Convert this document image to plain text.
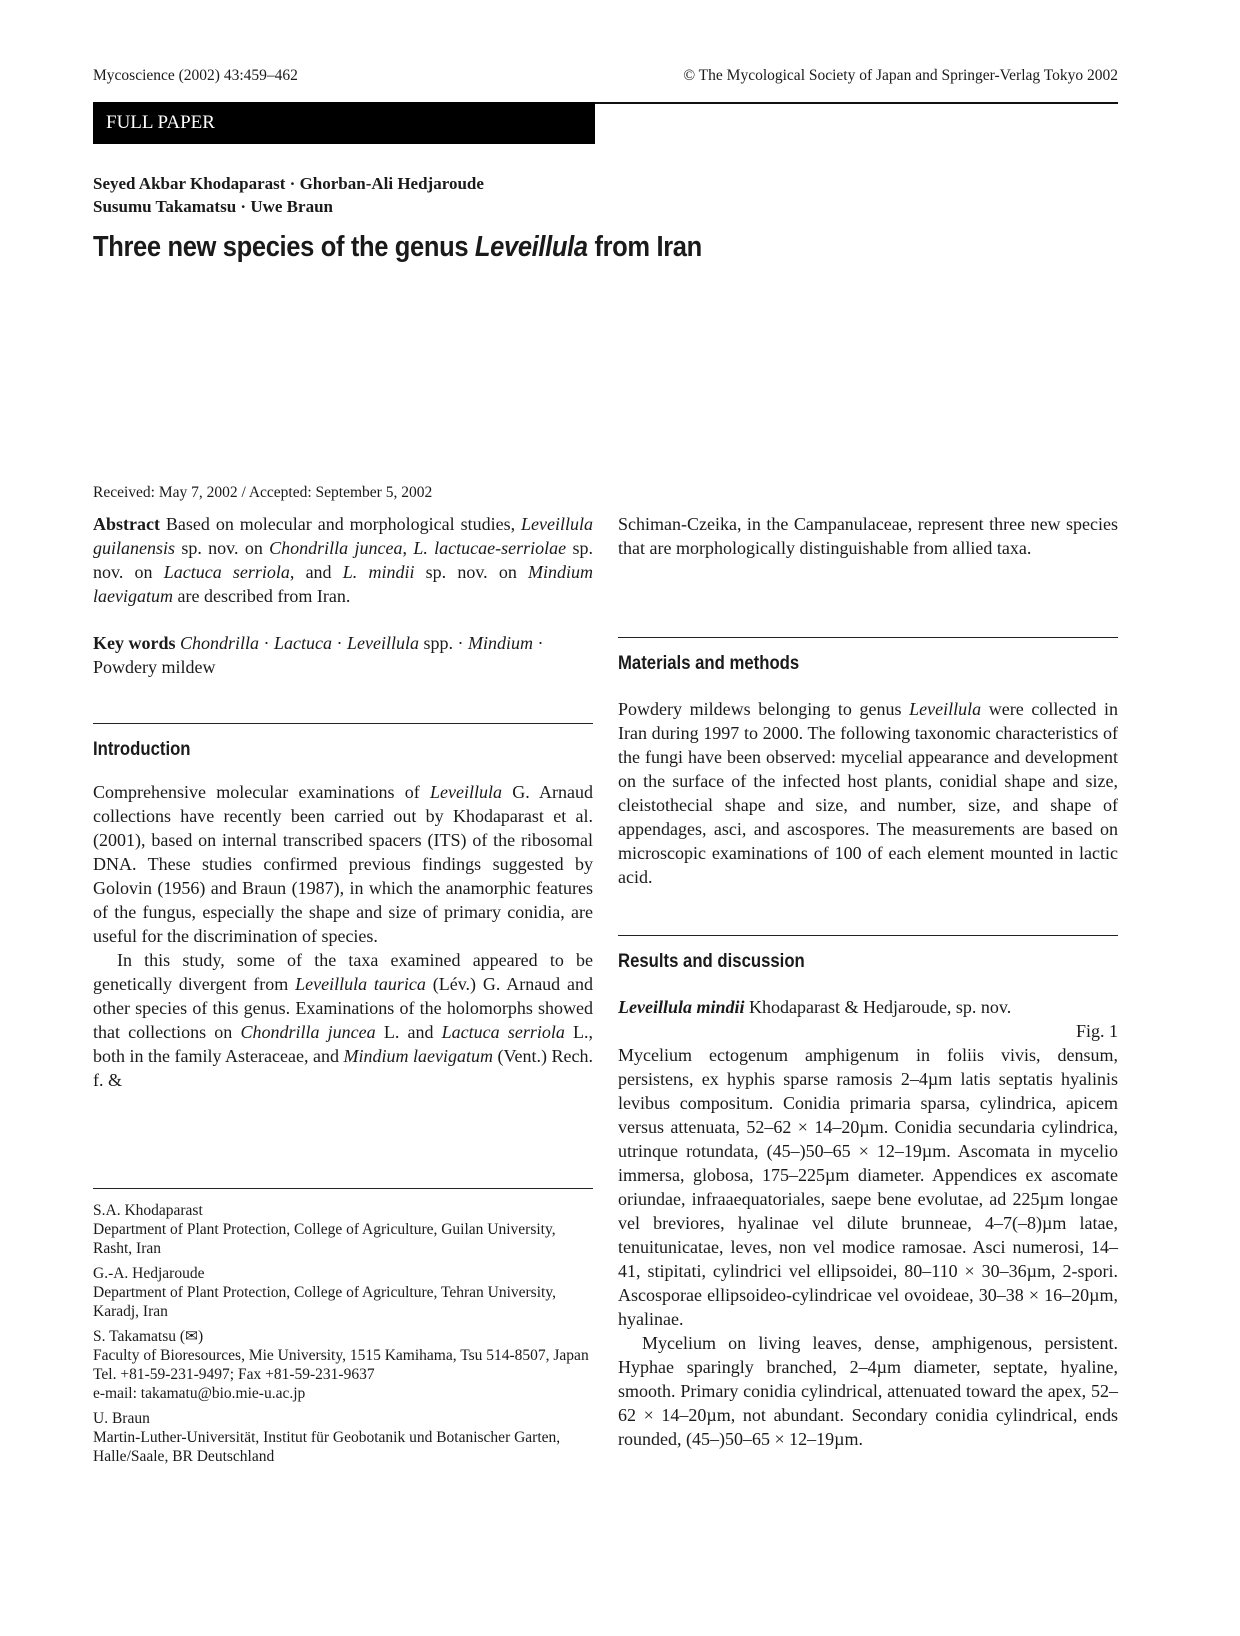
Mycoscience (2002) 43:459–462	© The Mycological Society of Japan and Springer-Verlag Tokyo 2002
FULL PAPER
Seyed Akbar Khodaparast · Ghorban-Ali Hedjaroude
Susumu Takamatsu · Uwe Braun
Three new species of the genus Leveillula from Iran
Received: May 7, 2002 / Accepted: September 5, 2002

Abstract Based on molecular and morphological studies, Leveillula guilanensis sp. nov. on Chondrilla juncea, L. lactucae-serriolae sp. nov. on Lactuca serriola, and L. mindii sp. nov. on Mindium laevigatum are described from Iran.

Key words Chondrilla · Lactuca · Leveillula spp. · Mindium · Powdery mildew

Introduction

Comprehensive molecular examinations of Leveillula G. Arnaud collections have recently been carried out by Khodaparast et al. (2001), based on internal transcribed spacers (ITS) of the ribosomal DNA. These studies confirmed previous findings suggested by Golovin (1956) and Braun (1987), in which the anamorphic features of the fungus, especially the shape and size of primary conidia, are useful for the discrimination of species.

In this study, some of the taxa examined appeared to be genetically divergent from Leveillula taurica (Lév.) G. Arnaud and other species of this genus. Examinations of the holomorphs showed that collections on Chondrilla juncea L. and Lactuca serriola L., both in the family Asteraceae, and Mindium laevigatum (Vent.) Rech. f. &

S.A. Khodaparast
Department of Plant Protection, College of Agriculture, Guilan University, Rasht, Iran
G.-A. Hedjaroude
Department of Plant Protection, College of Agriculture, Tehran University, Karadj, Iran
S. Takamatsu (✉)
Faculty of Bioresources, Mie University, 1515 Kamihama, Tsu 514-8507, Japan
Tel. +81-59-231-9497; Fax +81-59-231-9637
e-mail: takamatu@bio.mie-u.ac.jp
U. Braun
Martin-Luther-Universität, Institut für Geobotanik und Botanischer Garten, Halle/Saale, BR Deutschland

Schiman-Czeika, in the Campanulaceae, represent three new species that are morphologically distinguishable from allied taxa.

Materials and methods

Powdery mildews belonging to genus Leveillula were collected in Iran during 1997 to 2000. The following taxonomic characteristics of the fungi have been observed: mycelial appearance and development on the surface of the infected host plants, conidial shape and size, cleistothecial shape and size, and number, size, and shape of appendages, asci, and ascospores. The measurements are based on microscopic examinations of 100 of each element mounted in lactic acid.

Results and discussion

Leveillula mindii Khodaparast & Hedjaroude, sp. nov.

Fig. 1

Mycelium ectogenum amphigenum in foliis vivis, densum, persistens, ex hyphis sparse ramosis 2–4µm latis septatis hyalinis levibus compositum. Conidia primaria sparsa, cylindrica, apicem versus attenuata, 52–62 × 14–20µm. Conidia secundaria cylindrica, utrinque rotundata, (45–)50–65 × 12–19µm. Ascomata in mycelio immersa, globosa, 175–225µm diameter. Appendices ex ascomate oriundae, infraaequatoriales, saepe bene evolutae, ad 225µm longae vel breviores, hyalinae vel dilute brunneae, 4–7(–8)µm latae, tenuitunicatae, leves, non vel modice ramosae. Asci numerosi, 14–41, stipitati, cylindrici vel ellipsoidei, 80–110 × 30–36µm, 2-spori. Ascosporae ellipsoideo-cylindricae vel ovoideae, 30–38 × 16–20µm, hyalinae.

Mycelium on living leaves, dense, amphigenous, persistent. Hyphae sparingly branched, 2–4µm diameter, septate, hyaline, smooth. Primary conidia cylindrical, attenuated toward the apex, 52–62 × 14–20µm, not abundant. Secondary conidia cylindrical, ends rounded, (45–)50–65 × 12–19µm.
